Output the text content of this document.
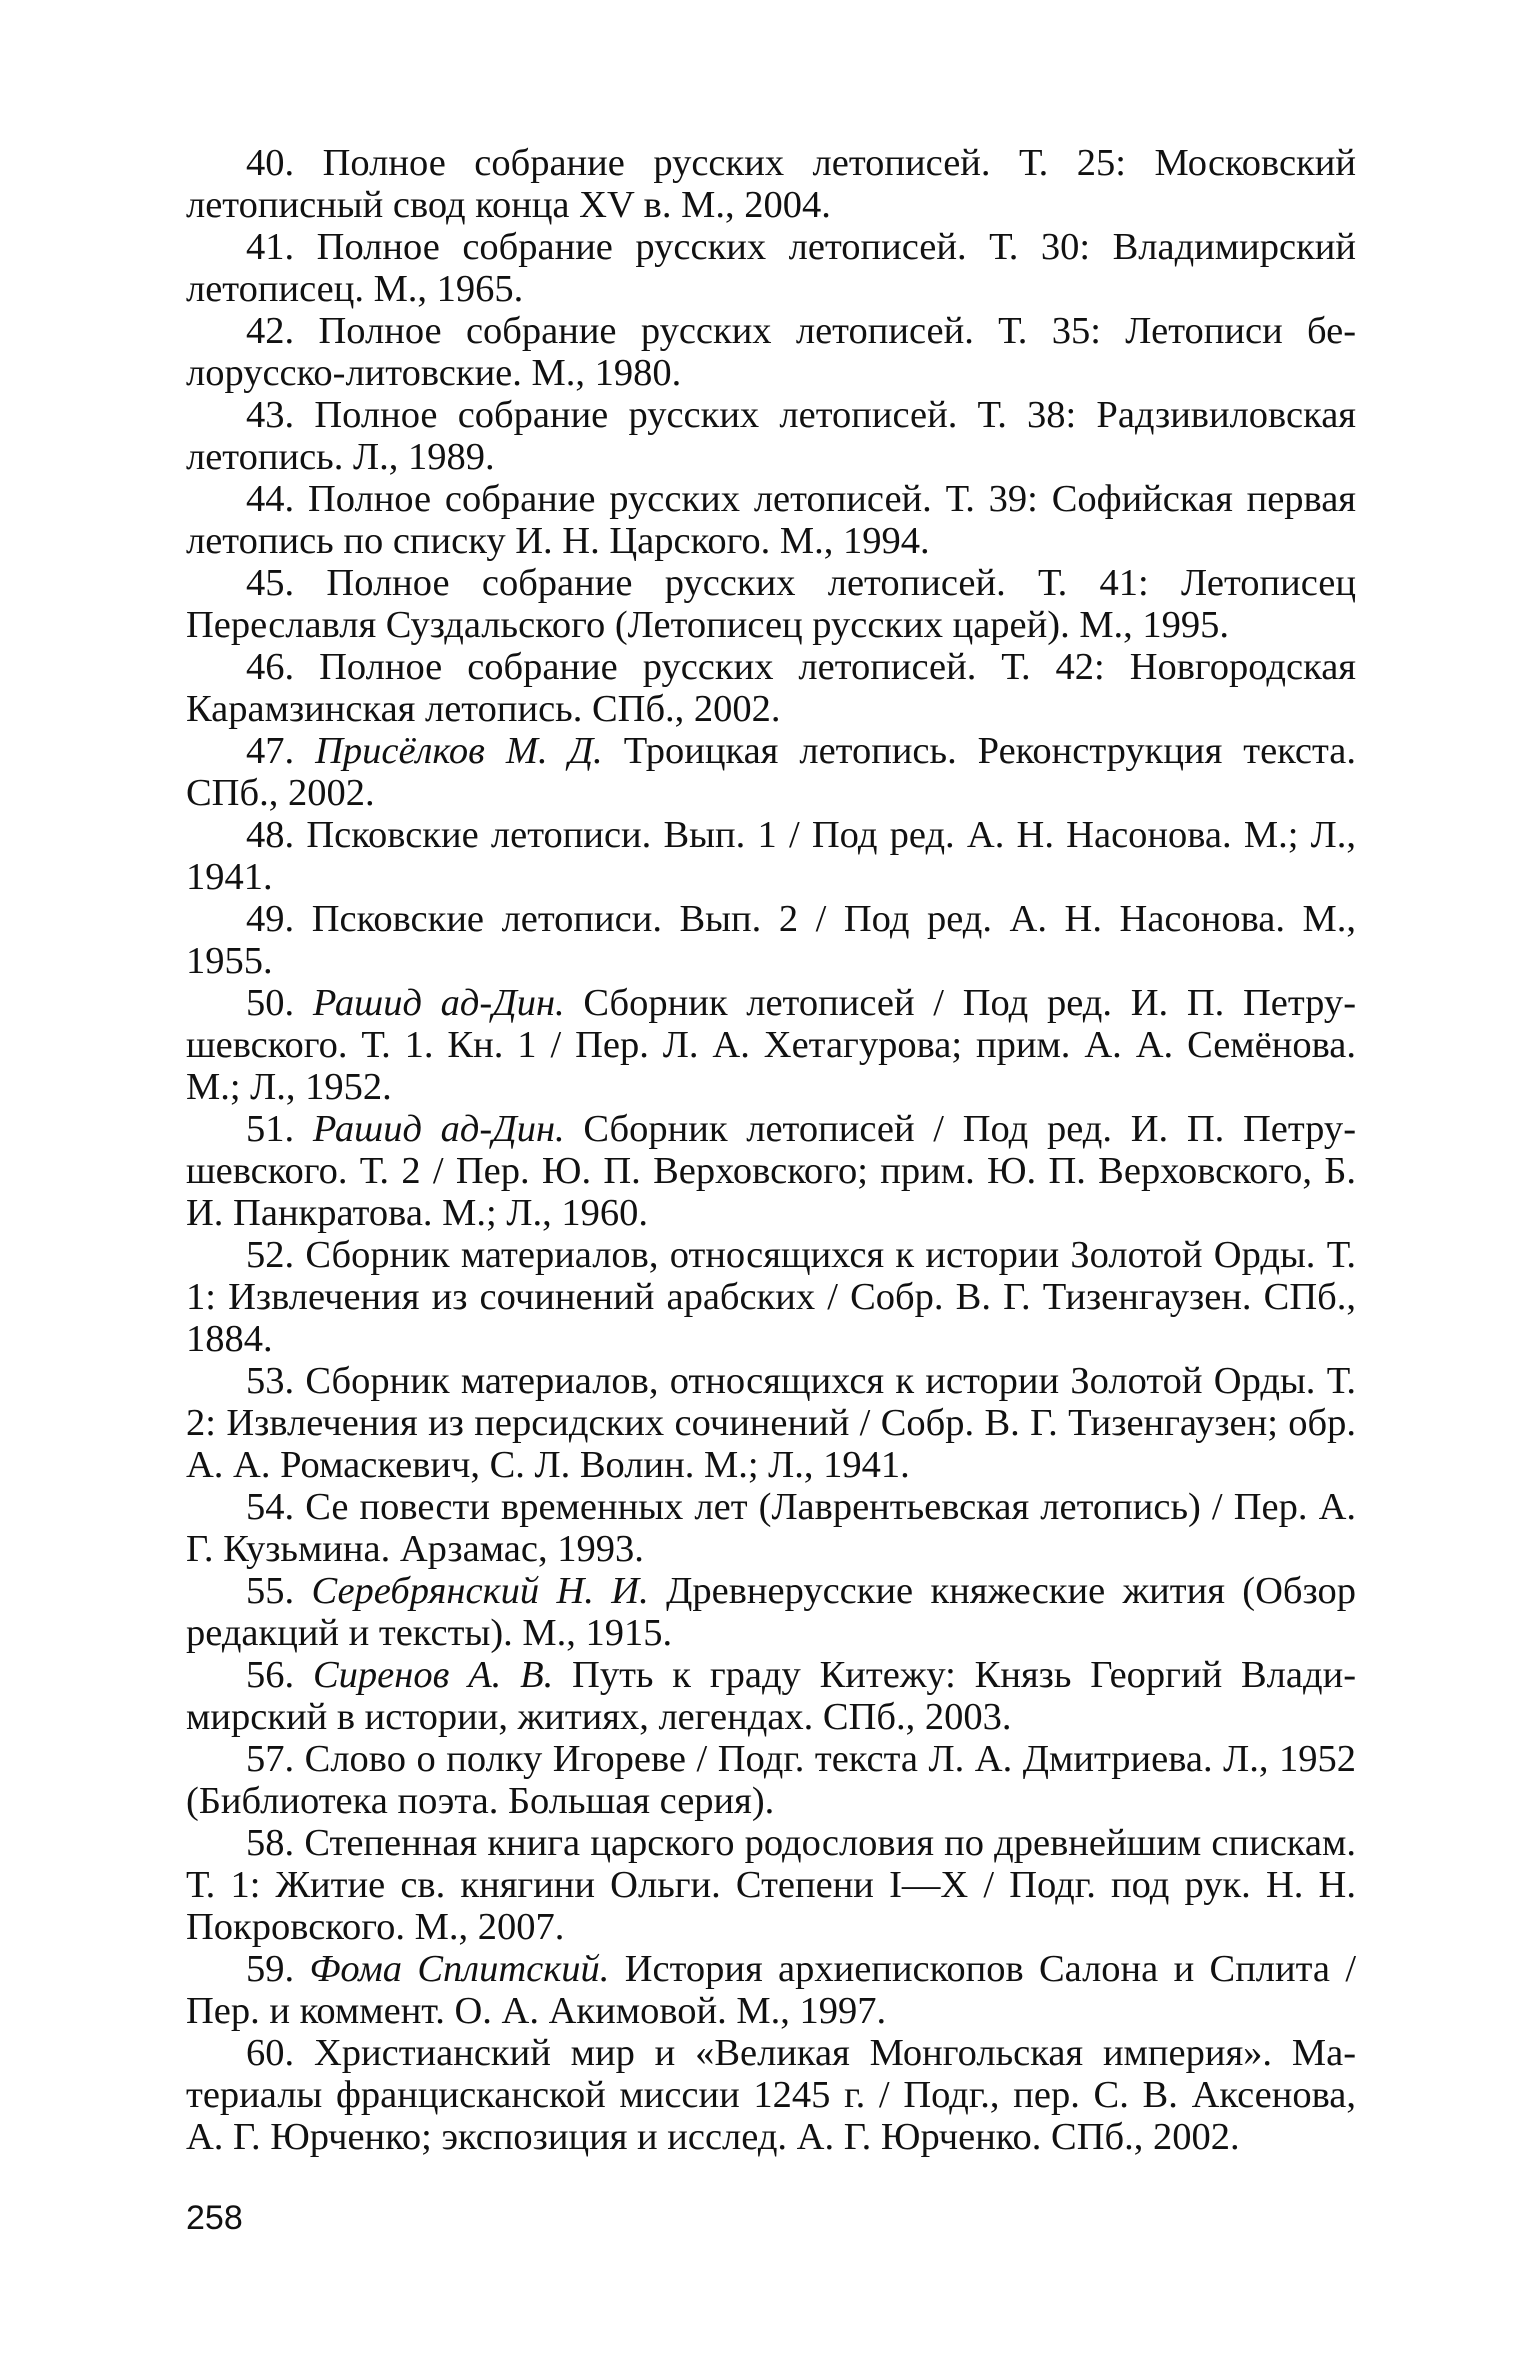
40. Полное собрание русских летописей. Т. 25: Московский летописный свод конца XV в. М., 2004.

41. Полное собрание русских летописей. Т. 30: Владимирский летописец. М., 1965.

42. Полное собрание русских летописей. Т. 35: Летописи белорусско-литовские. М., 1980.

43. Полное собрание русских летописей. Т. 38: Радзивиловская летопись. Л., 1989.

44. Полное собрание русских летописей. Т. 39: Софийская первая летопись по списку И. Н. Царского. М., 1994.

45. Полное собрание русских летописей. Т. 41: Летописец Переславля Суздальского (Летописец русских царей). М., 1995.

46. Полное собрание русских летописей. Т. 42: Новгородская Карамзинская летопись. СПб., 2002.

47. Присёлков М. Д. Троицкая летопись. Реконструкция текста. СПб., 2002.

48. Псковские летописи. Вып. 1 / Под ред. А. Н. Насонова. М.; Л., 1941.

49. Псковские летописи. Вып. 2 / Под ред. А. Н. Насонова. М., 1955.

50. Рашид ад-Дин. Сборник летописей / Под ред. И. П. Петрушевского. Т. 1. Кн. 1 / Пер. Л. А. Хетагурова; прим. А. А. Семёнова. М.; Л., 1952.

51. Рашид ад-Дин. Сборник летописей / Под ред. И. П. Петрушевского. Т. 2 / Пер. Ю. П. Верховского; прим. Ю. П. Верховского, Б. И. Панкратова. М.; Л., 1960.

52. Сборник материалов, относящихся к истории Золотой Орды. Т. 1: Извлечения из сочинений арабских / Собр. В. Г. Тизенгаузен. СПб., 1884.

53. Сборник материалов, относящихся к истории Золотой Орды. Т. 2: Извлечения из персидских сочинений / Собр. В. Г. Тизенгаузен; обр. А. А. Ромаскевич, С. Л. Волин. М.; Л., 1941.

54. Се повести временных лет (Лаврентьевская летопись) / Пер. А. Г. Кузьмина. Арзамас, 1993.

55. Серебрянский Н. И. Древнерусские княжеские жития (Обзор редакций и тексты). М., 1915.

56. Сиренов А. В. Путь к граду Китежу: Князь Георгий Владимирский в истории, житиях, легендах. СПб., 2003.

57. Слово о полку Игореве / Подг. текста Л. А. Дмитриева. Л., 1952 (Библиотека поэта. Большая серия).

58. Степенная книга царского родословия по древнейшим спискам. Т. 1: Житие св. княгини Ольги. Степени I—X / Подг. под рук. Н. Н. Покровского. М., 2007.

59. Фома Сплитский. История архиепископов Салона и Сплита / Пер. и коммент. О. А. Акимовой. М., 1997.

60. Христианский мир и «Великая Монгольская империя». Материалы францисканской миссии 1245 г. / Подг., пер. С. В. Аксенова, А. Г. Юрченко; экспозиция и исслед. А. Г. Юрченко. СПб., 2002.

258
